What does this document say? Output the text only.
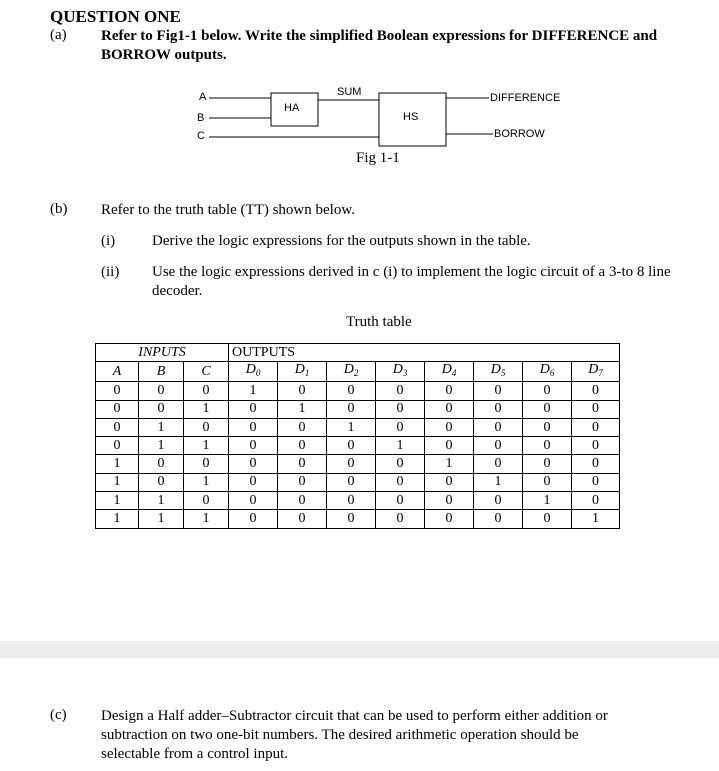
QUESTION ONE
(a) Refer to Fig1-1 below. Write the simplified Boolean expressions for DIFFERENCE and
BORROW outputs.
A
B
C
HA
SUM
HS
DIFFERENCE
BORROW
Fig 1-1
(b) Refer to the truth table (TT) shown below.
(i) Derive the logic expressions for the outputs shown in the table.
(ii) Use the logic expressions derived in c (i) to implement the logic circuit of a 3-to 8 line
decoder.
Truth table
INPUTS			OUTPUTS							
A	B	C	$D_0$	$D_1$	$D_2$	$D_3$	$D_4$	$D_5$	$D_6$	$D_7$
0	0	0	1	0	0	0	0	0	0	0
0	0	1	0	1	0	0	0	0	0	0
0	1	0	0	0	1	0	0	0	0	0
0	1	1	0	0	0	1	0	0	0	0
1	0	0	0	0	0	0	1	0	0	0
1	0	1	0	0	0	0	0	1	0	0
1	1	0	0	0	0	0	0	0	1	0
1	1	1	0	0	0	0	0	0	0	1
(c) Design a Half adder–Subtractor circuit that can be used to perform either addition or
subtraction on two one-bit numbers. The desired arithmetic operation should be
selectable from a control input.
